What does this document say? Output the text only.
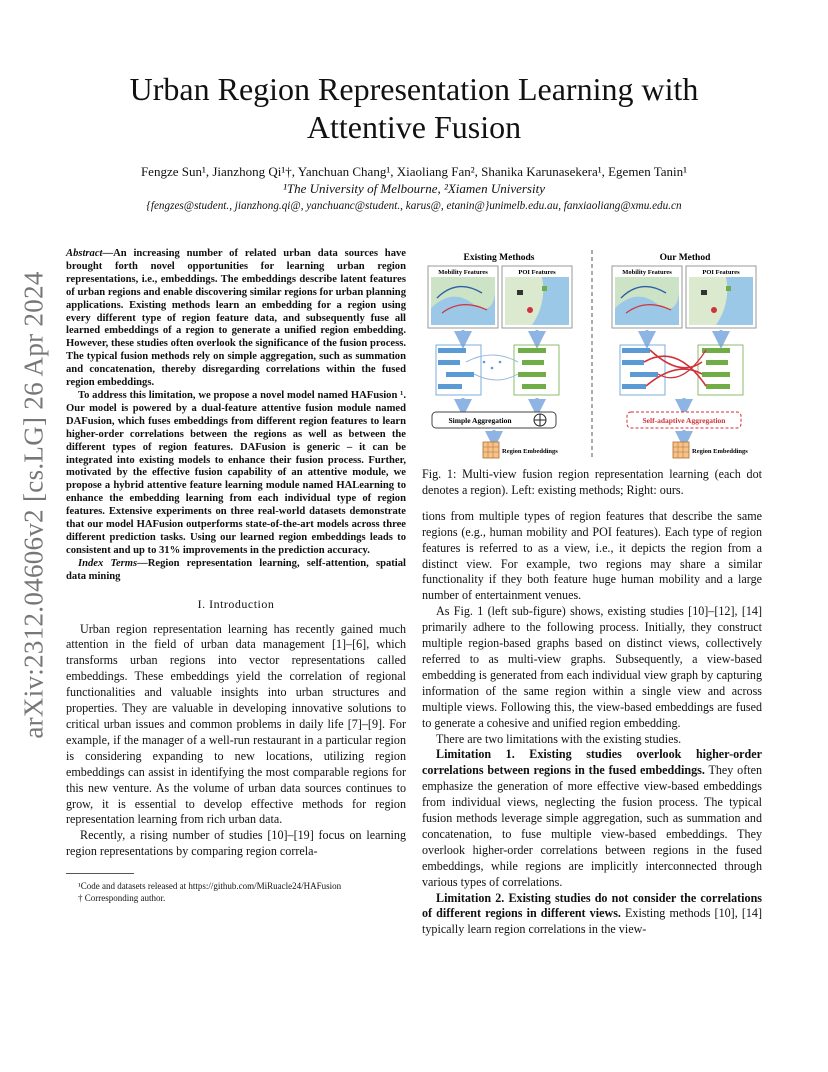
arXiv:2312.04606v2 [cs.LG] 26 Apr 2024
Urban Region Representation Learning with
Attentive Fusion
Fengze Sun¹, Jianzhong Qi¹†, Yanchuan Chang¹, Xiaoliang Fan², Shanika Karunasekera¹, Egemen Tanin¹
¹The University of Melbourne, ²Xiamen University
{fengzes@student., jianzhong.qi@, yanchuanc@student., karus@, etanin@}unimelb.edu.au, fanxiaoliang@xmu.edu.cn

Abstract—An increasing number of related urban data sources have brought forth novel opportunities for learning urban region representations, i.e., embeddings. The embeddings describe latent features of urban regions and enable discovering similar regions for urban planning applications. Existing methods learn an embedding for a region using every different type of region feature data, and subsequently fuse all learned embeddings of a region to generate a unified region embedding. However, these studies often overlook the significance of the fusion process. The typical fusion methods rely on simple aggregation, such as summation and concatenation, thereby disregarding correlations within the fused region embeddings.

To address this limitation, we propose a novel model named HAFusion ¹. Our model is powered by a dual-feature attentive fusion module named DAFusion, which fuses embeddings from different region features to learn higher-order correlations between the regions as well as between the different types of region features. DAFusion is generic – it can be integrated into existing models to enhance their fusion process. Further, motivated by the effective fusion capability of an attentive module, we propose a hybrid attentive feature learning module named HALearning to enhance the embedding learning from each individual type of region features. Extensive experiments on three real-world datasets demonstrate that our model HAFusion outperforms state-of-the-art models across three different prediction tasks. Using our learned region embeddings leads to consistent and up to 31% improvements in the prediction accuracy.

Index Terms—Region representation learning, self-attention, spatial data mining

I. Introduction

Urban region representation learning has recently gained much attention in the field of urban data management [1]–[6], which transforms urban regions into vector representations called embeddings. These embeddings yield the correlation of regional functionalities and valuable insights into urban structures and properties. They are valuable in developing innovative solutions to critical urban issues and common problems in daily life [7]–[9]. For example, if the manager of a well-run restaurant in a particular region is considering expanding to new locations, utilizing region embeddings can assist in identifying the most comparable regions for this new venture. As the volume of urban data sources continues to grow, it is essential to develop effective methods for region representation learning from rich urban data.

Recently, a rising number of studies [10]–[19] focus on learning region representations by comparing region correla-

¹Code and datasets released at https://github.com/MiRuacle24/HAFusion

† Corresponding author.

Existing Methods	Our Method
Mobility Features	POI Features
Simple Aggregation
Region Embeddings
Mobility Features	POI Features
Self-adaptive Aggregation
Region Embeddings

Fig. 1: Multi-view fusion region representation learning (each dot denotes a region). Left: existing methods; Right: ours.

tions from multiple types of region features that describe the same regions (e.g., human mobility and POI features). Each type of region features is referred to as a view, i.e., it depicts the region from a distinct view. For example, two regions may share a similar functionality if they both feature huge human mobility and a large number of entertainment venues.

As Fig. 1 (left sub-figure) shows, existing studies [10]–[12], [14] primarily adhere to the following process. Initially, they construct multiple region-based graphs based on distinct views, collectively referred to as multi-view graphs. Subsequently, a view-based embedding is generated from each individual view graph by capturing information of the same region within a single view and across multiple views. Following this, the view-based embeddings are fused to generate a cohesive and unified region embedding.

There are two limitations with the existing studies.

Limitation 1. Existing studies overlook higher-order correlations between regions in the fused embeddings. They often emphasize the generation of more effective view-based embeddings from individual views, neglecting the fusion process. The typical fusion methods leverage simple aggregation, such as summation and concatenation, to fuse multiple view-based embeddings. They overlook higher-order correlations between regions in the fused embeddings, while regions are implicitly interconnected through various types of correlations.

Limitation 2. Existing studies do not consider the correlations of different regions in different views. Existing methods [10], [14] typically learn region correlations in the view-
